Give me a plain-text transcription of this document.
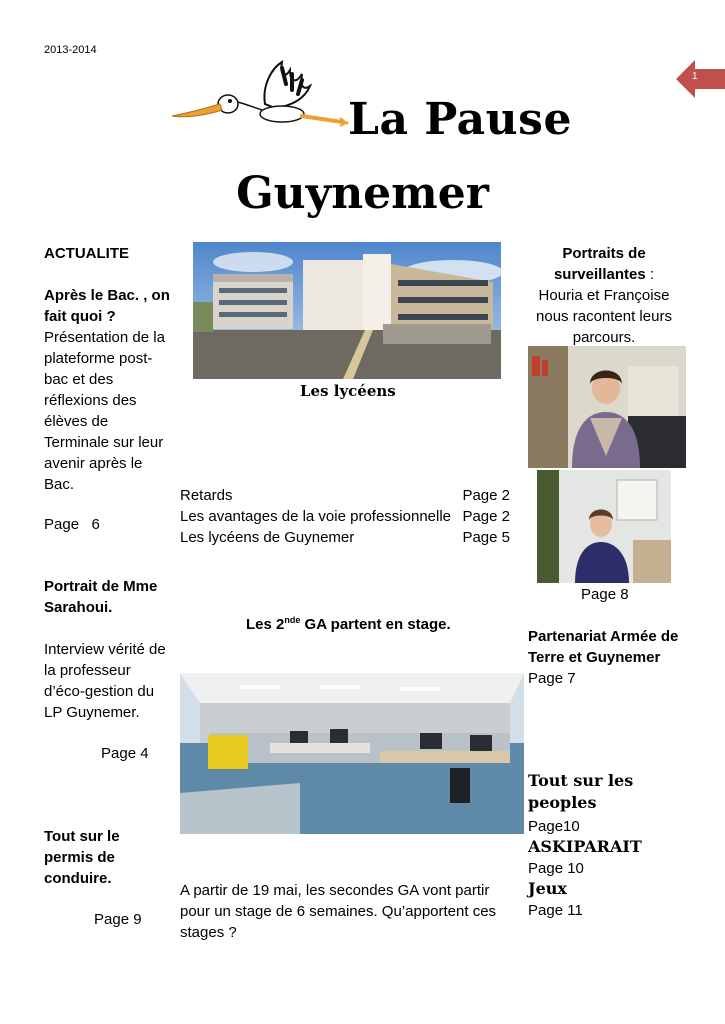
2013-2014
1
La Pause
Guynemer
ACTUALITE
Après le Bac. , on fait quoi ?
Présentation de la plateforme post-bac et des réflexions des élèves de Terminale sur leur avenir après le Bac.
Page   6
Portrait de Mme Sarahoui.
Interview vérité de la professeur d’éco-gestion du LP Guynemer.
Page 4
Tout sur le permis de conduire.
Page 9
Les lycéens
Retards	Page 2
Les avantages de la voie professionnelle Page 2
Les lycéens de Guynemer	Page 5
Les 2nde GA partent en stage.
A partir de 19 mai, les secondes GA vont partir pour un stage de 6 semaines. Qu’apportent ces stages ?
Portraits de surveillantes :
Houria et Françoise nous racontent leurs parcours.
Page 8
Partenariat Armée de Terre et Guynemer
Page 7
Tout sur les peoples
Page10
ASKIPARAIT
Page 10
Jeux
Page 11
